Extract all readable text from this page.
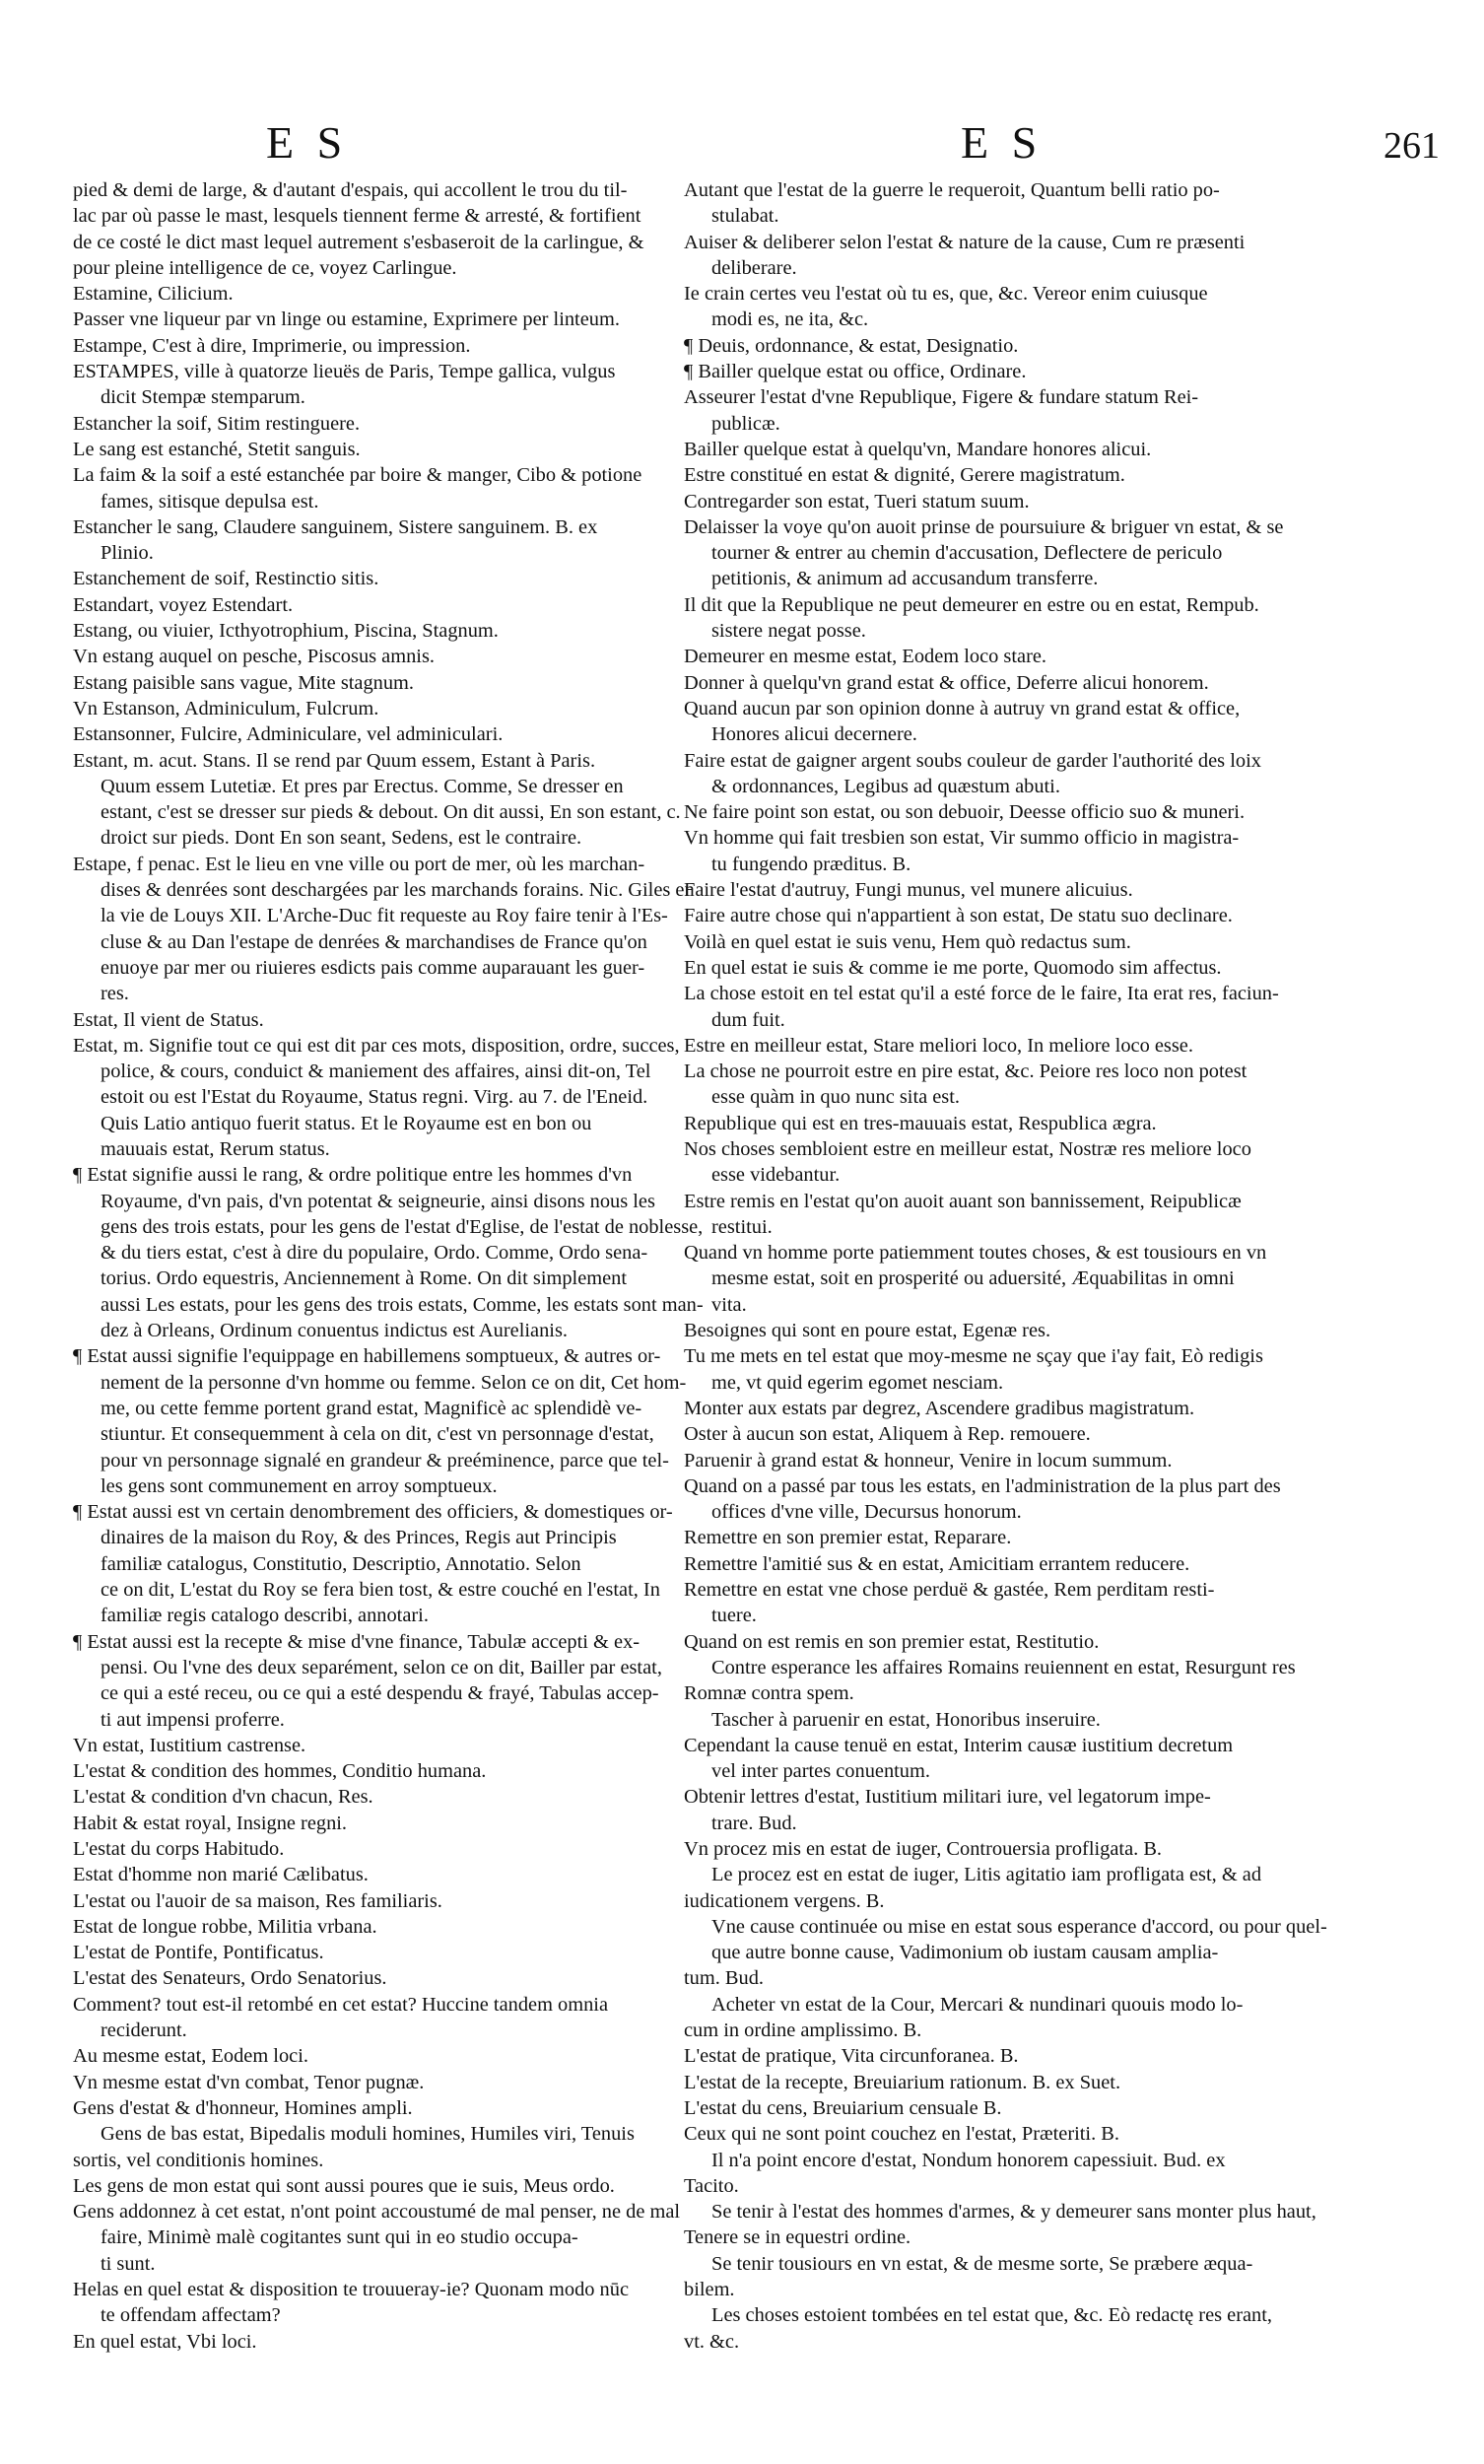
E S	E S	261

pied & demi de large, & d'autant d'espais, qui accollent le trou du til-

lac par où passe le mast, lesquels tiennent ferme & arresté, & fortifient

de ce costé le dict mast lequel autrement s'esbaseroit de la carlingue, &

pour pleine intelligence de ce, voyez Carlingue.

Estamine, Cilicium.

Passer vne liqueur par vn linge ou estamine, Exprimere per linteum.

Estampe, C'est à dire, Imprimerie, ou impression.

ESTAMPES, ville à quatorze lieuës de Paris, Tempe gallica, vulgus

dicit Stempæ stemparum.

Estancher la soif, Sitim restinguere.

Le sang est estanché, Stetit sanguis.

La faim & la soif a esté estanchée par boire & manger, Cibo & potione

fames, sitisque depulsa est.

Estancher le sang, Claudere sanguinem, Sistere sanguinem. B. ex

Plinio.

Estanchement de soif, Restinctio sitis.

Estandart, voyez Estendart.

Estang, ou viuier, Icthyotrophium, Piscina, Stagnum.

Vn estang auquel on pesche, Piscosus amnis.

Estang paisible sans vague, Mite stagnum.

Vn Estanson, Adminiculum, Fulcrum.

Estansonner, Fulcire, Adminiculare, vel adminiculari.

Estant, m. acut. Stans. Il se rend par Quum essem, Estant à Paris.

Quum essem Lutetiæ. Et pres par Erectus. Comme, Se dresser en

estant, c'est se dresser sur pieds & debout. On dit aussi, En son estant, c.

droict sur pieds. Dont En son seant, Sedens, est le contraire.

Estape, f penac. Est le lieu en vne ville ou port de mer, où les marchan-

dises & denrées sont deschargées par les marchands forains. Nic. Giles en

la vie de Louys XII. L'Arche-Duc fit requeste au Roy faire tenir à l'Es-

cluse & au Dan l'estape de denrées & marchandises de France qu'on

enuoye par mer ou riuieres esdicts pais comme auparauant les guer-

res.

Estat, Il vient de Status.

Estat, m. Signifie tout ce qui est dit par ces mots, disposition, ordre, succes,

police, & cours, conduict & maniement des affaires, ainsi dit-on, Tel

estoit ou est l'Estat du Royaume, Status regni. Virg. au 7. de l'Eneid.

Quis Latio antiquo fuerit status. Et le Royaume est en bon ou

mauuais estat, Rerum status.

¶ Estat signifie aussi le rang, & ordre politique entre les hommes d'vn

Royaume, d'vn pais, d'vn potentat & seigneurie, ainsi disons nous les

gens des trois estats, pour les gens de l'estat d'Eglise, de l'estat de noblesse,

& du tiers estat, c'est à dire du populaire, Ordo. Comme, Ordo sena-

torius. Ordo equestris, Anciennement à Rome. On dit simplement

aussi Les estats, pour les gens des trois estats, Comme, les estats sont man-

dez à Orleans, Ordinum conuentus indictus est Aurelianis.

¶ Estat aussi signifie l'equippage en habillemens somptueux, & autres or-

nement de la personne d'vn homme ou femme. Selon ce on dit, Cet hom-

me, ou cette femme portent grand estat, Magnificè ac splendidè ve-

stiuntur. Et consequemment à cela on dit, c'est vn personnage d'estat,

pour vn personnage signalé en grandeur & preéminence, parce que tel-

les gens sont communement en arroy somptueux.

¶ Estat aussi est vn certain denombrement des officiers, & domestiques or-

dinaires de la maison du Roy, & des Princes, Regis aut Principis

familiæ catalogus, Constitutio, Descriptio, Annotatio. Selon

ce on dit, L'estat du Roy se fera bien tost, & estre couché en l'estat, In

familiæ regis catalogo describi, annotari.

¶ Estat aussi est la recepte & mise d'vne finance, Tabulæ accepti & ex-

pensi. Ou l'vne des deux separément, selon ce on dit, Bailler par estat,

ce qui a esté receu, ou ce qui a esté despendu & frayé, Tabulas accep-

ti aut impensi proferre.

Vn estat, Iustitium castrense.

L'estat & condition des hommes, Conditio humana.

L'estat & condition d'vn chacun, Res.

Habit & estat royal, Insigne regni.

L'estat du corps Habitudo.

Estat d'homme non marié Cælibatus.

L'estat ou l'auoir de sa maison, Res familiaris.

Estat de longue robbe, Militia vrbana.

L'estat de Pontife, Pontificatus.

L'estat des Senateurs, Ordo Senatorius.

Comment? tout est-il retombé en cet estat? Huccine tandem omnia

reciderunt.

Au mesme estat, Eodem loci.

Vn mesme estat d'vn combat, Tenor pugnæ.

Gens d'estat & d'honneur, Homines ampli.

Gens de bas estat, Bipedalis moduli homines, Humiles viri, Tenuis

sortis, vel conditionis homines.

Les gens de mon estat qui sont aussi poures que ie suis, Meus ordo.

Gens addonnez à cet estat, n'ont point accoustumé de mal penser, ne de mal

faire, Minimè malè cogitantes sunt qui in eo studio occupa-

ti sunt.

Helas en quel estat & disposition te trouueray-ie? Quonam modo nūc

te offendam affectam?

En quel estat, Vbi loci.

Autant que l'estat de la guerre le requeroit, Quantum belli ratio po-

stulabat.

Auiser & deliberer selon l'estat & nature de la cause, Cum re præsenti

deliberare.

Ie crain certes veu l'estat où tu es, que, &c. Vereor enim cuiusque

modi es, ne ita, &c.

¶ Deuis, ordonnance, & estat, Designatio.

¶ Bailler quelque estat ou office, Ordinare.

Asseurer l'estat d'vne Republique, Figere & fundare statum Rei-

publicæ.

Bailler quelque estat à quelqu'vn, Mandare honores alicui.

Estre constitué en estat & dignité, Gerere magistratum.

Contregarder son estat, Tueri statum suum.

Delaisser la voye qu'on auoit prinse de poursuiure & briguer vn estat, & se

tourner & entrer au chemin d'accusation, Deflectere de periculo

petitionis, & animum ad accusandum transferre.

Il dit que la Republique ne peut demeurer en estre ou en estat, Rempub.

sistere negat posse.

Demeurer en mesme estat, Eodem loco stare.

Donner à quelqu'vn grand estat & office, Deferre alicui honorem.

Quand aucun par son opinion donne à autruy vn grand estat & office,

Honores alicui decernere.

Faire estat de gaigner argent soubs couleur de garder l'authorité des loix

& ordonnances, Legibus ad quæstum abuti.

Ne faire point son estat, ou son debuoir, Deesse officio suo & muneri.

Vn homme qui fait tresbien son estat, Vir summo officio in magistra-

tu fungendo præditus. B.

Faire l'estat d'autruy, Fungi munus, vel munere alicuius.

Faire autre chose qui n'appartient à son estat, De statu suo declinare.

Voilà en quel estat ie suis venu, Hem quò redactus sum.

En quel estat ie suis & comme ie me porte, Quomodo sim affectus.

La chose estoit en tel estat qu'il a esté force de le faire, Ita erat res, faciun-

dum fuit.

Estre en meilleur estat, Stare meliori loco, In meliore loco esse.

La chose ne pourroit estre en pire estat, &c. Peiore res loco non potest

esse quàm in quo nunc sita est.

Republique qui est en tres-mauuais estat, Respublica ægra.

Nos choses sembloient estre en meilleur estat, Nostræ res meliore loco

esse videbantur.

Estre remis en l'estat qu'on auoit auant son bannissement, Reipublicæ

restitui.

Quand vn homme porte patiemment toutes choses, & est tousiours en vn

mesme estat, soit en prosperité ou aduersité, Æquabilitas in omni

vita.

Besoignes qui sont en poure estat, Egenæ res.

Tu me mets en tel estat que moy-mesme ne sçay que i'ay fait, Eò redigis

me, vt quid egerim egomet nesciam.

Monter aux estats par degrez, Ascendere gradibus magistratum.

Oster à aucun son estat, Aliquem à Rep. remouere.

Paruenir à grand estat & honneur, Venire in locum summum.

Quand on a passé par tous les estats, en l'administration de la plus part des

offices d'vne ville, Decursus honorum.

Remettre en son premier estat, Reparare.

Remettre l'amitié sus & en estat, Amicitiam errantem reducere.

Remettre en estat vne chose perduë & gastée, Rem perditam resti-

tuere.

Quand on est remis en son premier estat, Restitutio.

Contre esperance les affaires Romains reuiennent en estat, Resurgunt res

Romnæ contra spem.

Tascher à paruenir en estat, Honoribus inseruire.

Cependant la cause tenuë en estat, Interim causæ iustitium decretum

vel inter partes conuentum.

Obtenir lettres d'estat, Iustitium militari iure, vel legatorum impe-

trare. Bud.

Vn procez mis en estat de iuger, Controuersia profligata. B.

Le procez est en estat de iuger, Litis agitatio iam profligata est, & ad

iudicationem vergens. B.

Vne cause continuée ou mise en estat sous esperance d'accord, ou pour quel-

que autre bonne cause, Vadimonium ob iustam causam amplia-

tum. Bud.

Acheter vn estat de la Cour, Mercari & nundinari quouis modo lo-

cum in ordine amplissimo. B.

L'estat de pratique, Vita circunforanea. B.

L'estat de la recepte, Breuiarium rationum. B. ex Suet.

L'estat du cens, Breuiarium censuale B.

Ceux qui ne sont point couchez en l'estat, Præteriti. B.

Il n'a point encore d'estat, Nondum honorem capessiuit. Bud. ex

Tacito.

Se tenir à l'estat des hommes d'armes, & y demeurer sans monter plus haut,

Tenere se in equestri ordine.

Se tenir tousiours en vn estat, & de mesme sorte, Se præbere æqua-

bilem.

Les choses estoient tombées en tel estat que, &c. Eò redactę res erant,

vt. &c.
